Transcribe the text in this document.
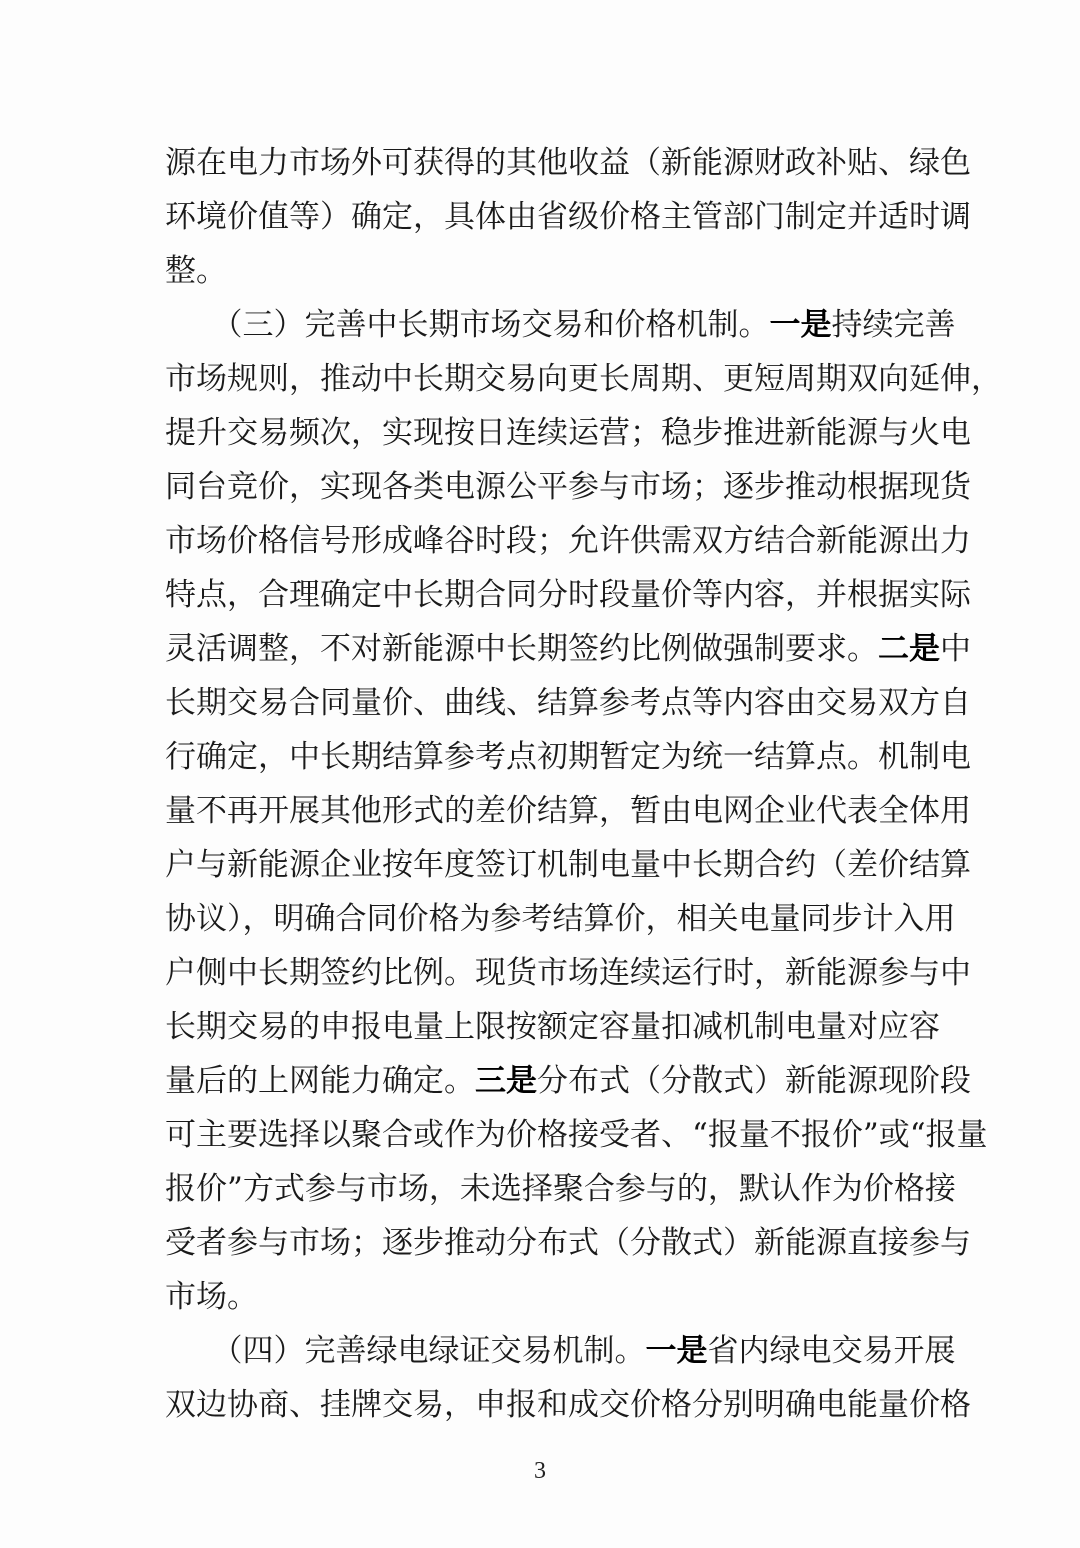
源在电力市场外可获得的其他收益（新能源财政补贴、绿色
环境价值等）确定，具体由省级价格主管部门制定并适时调
整。
　　（三）完善中长期市场交易和价格机制。一是持续完善
市场规则，推动中长期交易向更长周期、更短周期双向延伸，
提升交易频次，实现按日连续运营；稳步推进新能源与火电
同台竞价，实现各类电源公平参与市场；逐步推动根据现货
市场价格信号形成峰谷时段；允许供需双方结合新能源出力
特点，合理确定中长期合同分时段量价等内容，并根据实际
灵活调整，不对新能源中长期签约比例做强制要求。二是中
长期交易合同量价、曲线、结算参考点等内容由交易双方自
行确定，中长期结算参考点初期暂定为统一结算点。机制电
量不再开展其他形式的差价结算，暂由电网企业代表全体用
户与新能源企业按年度签订机制电量中长期合约（差价结算
协议），明确合同价格为参考结算价，相关电量同步计入用
户侧中长期签约比例。现货市场连续运行时，新能源参与中
长期交易的申报电量上限按额定容量扣减机制电量对应容
量后的上网能力确定。三是分布式（分散式）新能源现阶段
可主要选择以聚合或作为价格接受者、“报量不报价”或“报量
报价”方式参与市场，未选择聚合参与的，默认作为价格接
受者参与市场；逐步推动分布式（分散式）新能源直接参与
市场。
　　（四）完善绿电绿证交易机制。一是省内绿电交易开展
双边协商、挂牌交易，申报和成交价格分别明确电能量价格
3
